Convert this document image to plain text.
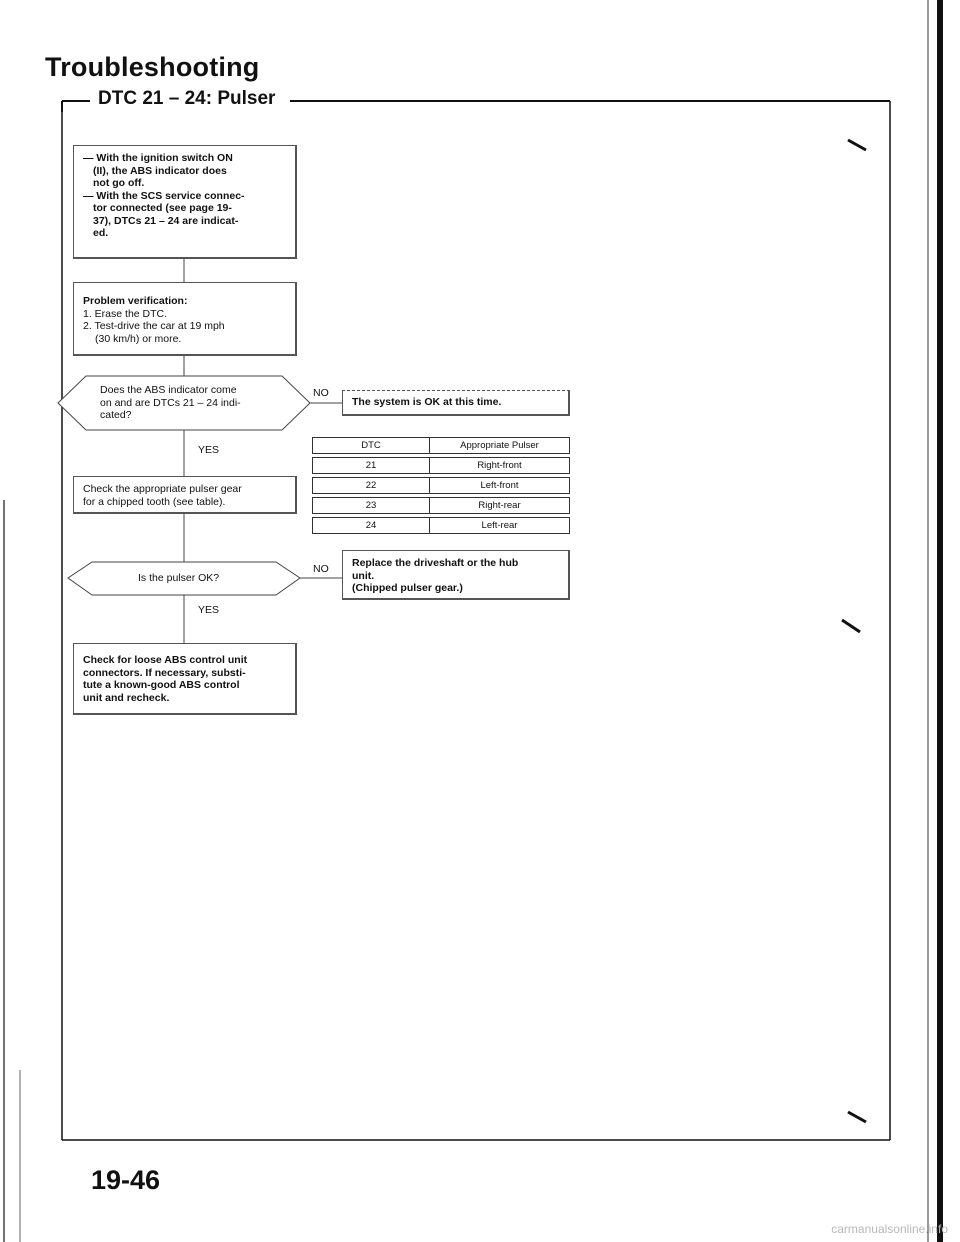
Troubleshooting
DTC 21 – 24: Pulser
— With the ignition switch ON
(II), the ABS indicator does
not go off.
— With the SCS service connec-
tor connected (see page 19-
37), DTCs 21 – 24 are indicat-
ed.
Problem verification:
1. Erase the DTC.
2. Test-drive the car at 19 mph
(30 km/h) or more.
Does the ABS indicator come
on and are DTCs 21 – 24 indi-
cated?
NO
YES
The system is OK at this time.
DTC	Appropriate Pulser

21	Right-front

22	Left-front

23	Right-rear

24	Left-rear
Check the appropriate pulser gear
for a chipped tooth (see table).
Is the pulser OK?
NO
YES
Replace the driveshaft or the hub
unit.
(Chipped pulser gear.)
Check for loose ABS control unit
connectors. If necessary, substi-
tute a known-good ABS control
unit and recheck.
19-46
carmanualsonline.info
